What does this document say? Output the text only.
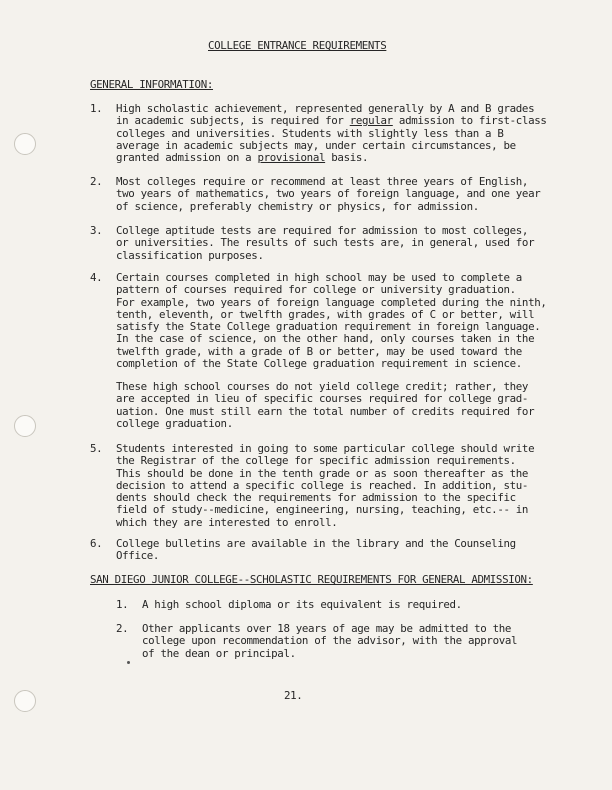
COLLEGE ENTRANCE REQUIREMENTS
GENERAL INFORMATION:
1.	High scholastic achievement, represented generally by A and B grades
in academic subjects, is required for regular admission to first-class
colleges and universities. Students with slightly less than a B
average in academic subjects may, under certain circumstances, be
granted admission on a provisional basis.
2.	Most colleges require or recommend at least three years of English,
two years of mathematics, two years of foreign language, and one year
of science, preferably chemistry or physics, for admission.
3.	College aptitude tests are required for admission to most colleges,
or universities. The results of such tests are, in general, used for
classification purposes.
4.	Certain courses completed in high school may be used to complete a
pattern of courses required for college or university graduation.
For example, two years of foreign language completed during the ninth,
tenth, eleventh, or twelfth grades, with grades of C or better, will
satisfy the State College graduation requirement in foreign language.
In the case of science, on the other hand, only courses taken in the
twelfth grade, with a grade of B or better, may be used toward the
completion of the State College graduation requirement in science.
These high school courses do not yield college credit; rather, they
are accepted in lieu of specific courses required for college grad-
uation. One must still earn the total number of credits required for
college graduation.
5.	Students interested in going to some particular college should write
the Registrar of the college for specific admission requirements.
This should be done in the tenth grade or as soon thereafter as the
decision to attend a specific college is reached. In addition, stu-
dents should check the requirements for admission to the specific
field of study--medicine, engineering, nursing, teaching, etc.-- in
which they are interested to enroll.
6.	College bulletins are available in the library and the Counseling
Office.
SAN DIEGO JUNIOR COLLEGE--SCHOLASTIC REQUIREMENTS FOR GENERAL ADMISSION:
1.	A high school diploma or its equivalent is required.
2.	Other applicants over 18 years of age may be admitted to the
college upon recommendation of the advisor, with the approval
of the dean or principal.
21.
